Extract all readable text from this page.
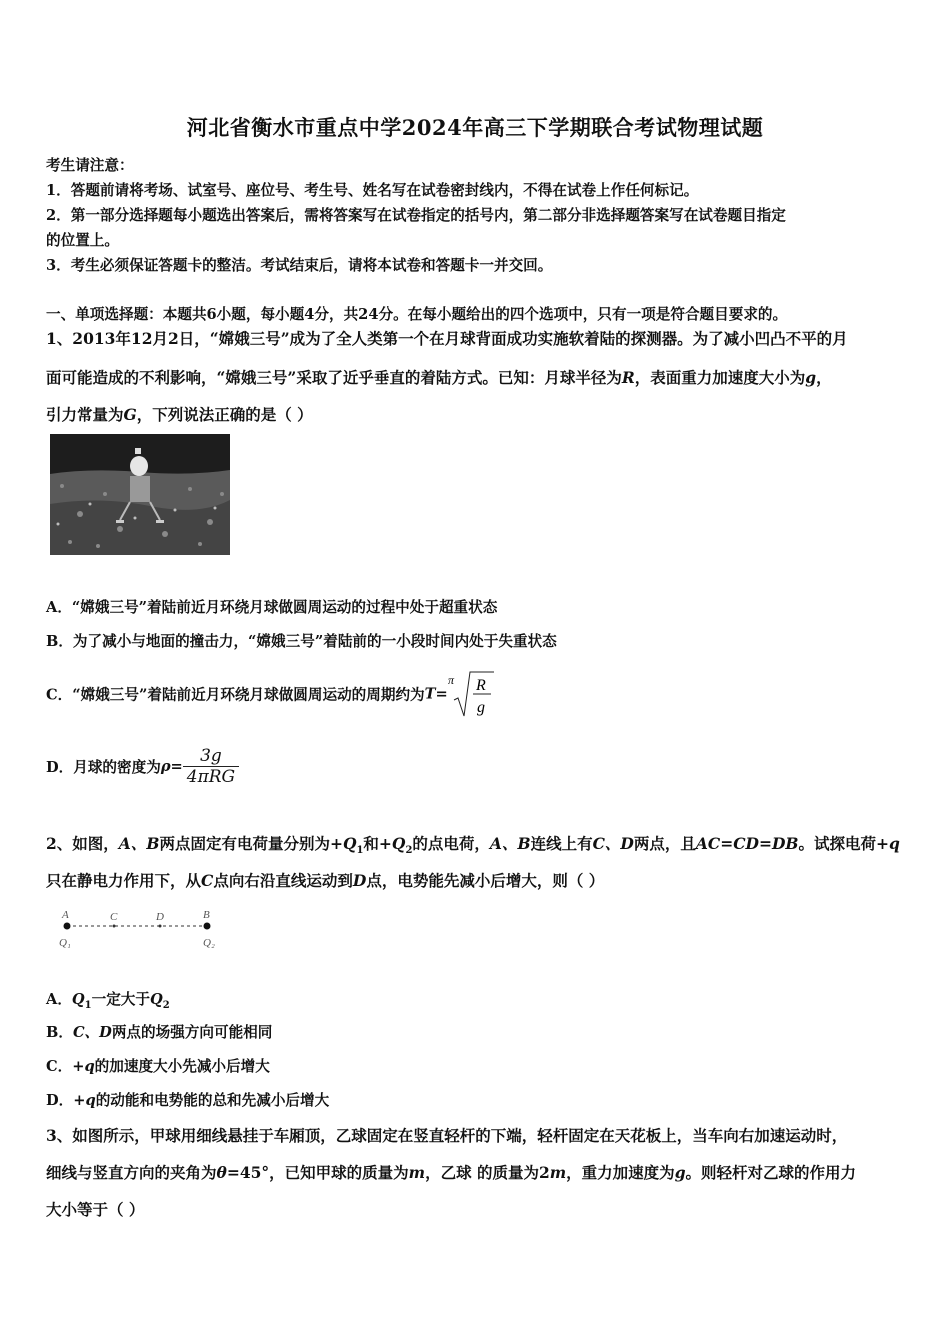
河北省衡水市重点中学2024年高三下学期联合考试物理试题
考生请注意：
1．答题前请将考场、试室号、座位号、考生号、姓名写在试卷密封线内，不得在试卷上作任何标记。
2．第一部分选择题每小题选出答案后，需将答案写在试卷指定的括号内，第二部分非选择题答案写在试卷题目指定
的位置上。
3．考生必须保证答题卡的整洁。考试结束后，请将本试卷和答题卡一并交回。
一、单项选择题：本题共6小题，每小题4分，共24分。在每小题给出的四个选项中，只有一项是符合题目要求的。
1、2013年12月2日，“嫦娥三号”成为了全人类第一个在月球背面成功实施软着陆的探测器。为了减小凹凸不平的月
面可能造成的不利影响，“嫦娥三号”采取了近乎垂直的着陆方式。已知：月球半径为R，表面重力加速度大小为g，
引力常量为G，下列说法正确的是（ ）
A．“嫦娥三号”着陆前近月环绕月球做圆周运动的过程中处于超重状态
B．为了减小与地面的撞击力，“嫦娥三号”着陆前的一小段时间内处于失重状态
C．“嫦娥三号”着陆前近月环绕月球做圆周运动的周期约为T=
π R
g
D．月球的密度为$\rho= \frac{3g}{\text{4πRG}}$
2、如图，A、B两点固定有电荷量分别为$+Q_1$和$+Q_2$的点电荷，A、B连线上有C、D两点，且AC=CD=DB。试探电荷+q
只在静电力作用下，从C点向右沿直线运动到D点，电势能先减小后增大，则（ ）
A	C	D	B
Q₁	Q₂
A．$Q_1$一定大于$Q_2$
B．C、D两点的场强方向可能相同
C．+q的加速度大小先减小后增大
D．+q的动能和电势能的总和先减小后增大
3、如图所示，甲球用细线悬挂于车厢顶，乙球固定在竖直轻杆的下端，轻杆固定在天花板上，当车向右加速运动时，
细线与竖直方向的夹角为θ=45°，已知甲球的质量为m，乙球 的质量为2m，重力加速度为g。则轻杆对乙球的作用力
大小等于（ ）
